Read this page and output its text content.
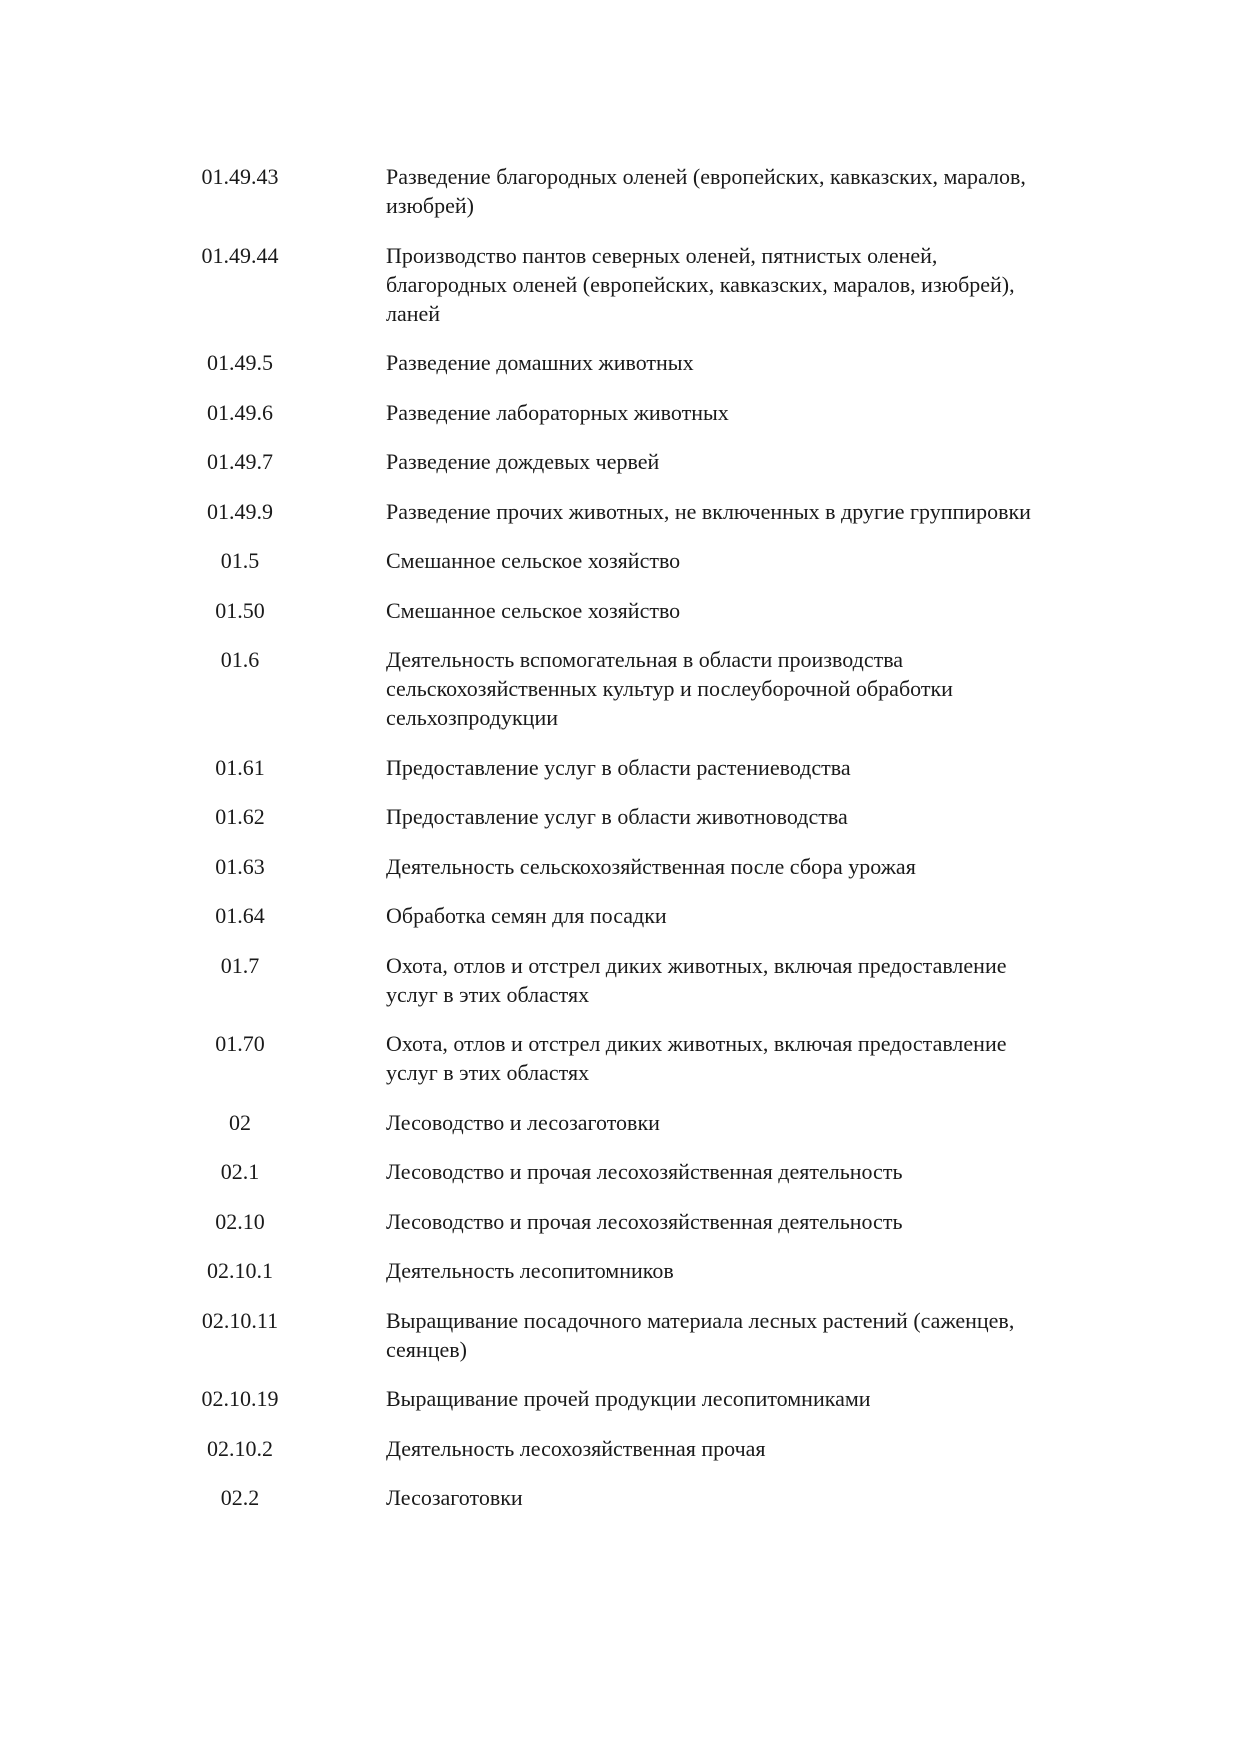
01.49.43	Разведение благородных оленей (европейских, кавказских, маралов, изюбрей)
01.49.44	Производство пантов северных оленей, пятнистых оленей, благородных оленей (европейских, кавказских, маралов, изюбрей), ланей
01.49.5	Разведение домашних животных
01.49.6	Разведение лабораторных животных
01.49.7	Разведение дождевых червей
01.49.9	Разведение прочих животных, не включенных в другие группировки
01.5	Смешанное сельское хозяйство
01.50	Смешанное сельское хозяйство
01.6	Деятельность вспомогательная в области производства сельскохозяйственных культур и послеуборочной обработки сельхозпродукции
01.61	Предоставление услуг в области растениеводства
01.62	Предоставление услуг в области животноводства
01.63	Деятельность сельскохозяйственная после сбора урожая
01.64	Обработка семян для посадки
01.7	Охота, отлов и отстрел диких животных, включая предоставление услуг в этих областях
01.70	Охота, отлов и отстрел диких животных, включая предоставление услуг в этих областях
02	Лесоводство и лесозаготовки
02.1	Лесоводство и прочая лесохозяйственная деятельность
02.10	Лесоводство и прочая лесохозяйственная деятельность
02.10.1	Деятельность лесопитомников
02.10.11	Выращивание посадочного материала лесных растений (саженцев, сеянцев)
02.10.19	Выращивание прочей продукции лесопитомниками
02.10.2	Деятельность лесохозяйственная прочая
02.2	Лесозаготовки
